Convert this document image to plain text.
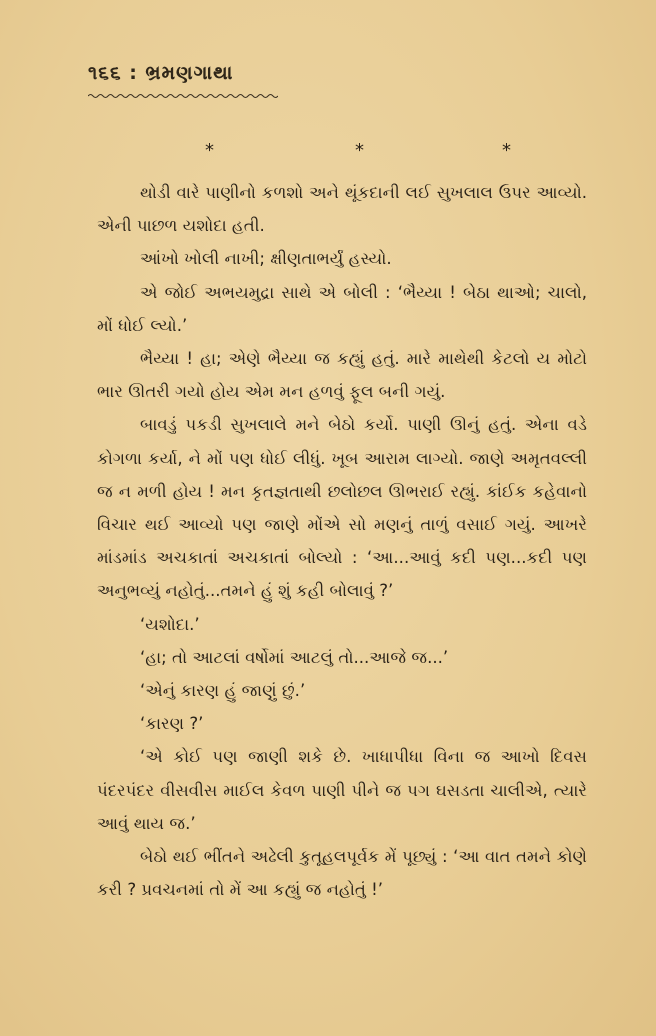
૧૬૬ : ભ્રમણગાથા
*	*	*

થોડી વારે પાણીનો કળશો અને થૂંકદાની લઈ સુખલાલ ઉપર આવ્યો. એની પાછળ યશોદા હતી.

આંખો ખોલી નાખી; ક્ષીણતાભર્યું હસ્યો.

એ જોઈ અભયમુદ્રા સાથે એ બોલી : ‘ભૈય્યા ! બેઠા થાઓ; ચાલો, મોં ધોઈ લ્યો.’

ભૈય્યા ! હા; એણે ભૈય્યા જ કહ્યું હતું. મારે માથેથી કેટલો ય મોટો ભાર ઊતરી ગયો હોય એમ મન હળવું ફૂલ બની ગયું.

બાવડું પકડી સુખલાલે મને બેઠો કર્યો. પાણી ઊનું હતું. એના વડે કોગળા કર્યા, ને મોં પણ ધોઈ લીધું. ખૂબ આરામ લાગ્યો. જાણે અમૃતવલ્લી જ ન મળી હોય ! મન કૃતજ્ઞતાથી છલોછલ ઊભરાઈ રહ્યું. કાંઈક કહેવાનો વિચાર થઈ આવ્યો પણ જાણે મોંએ સો મણનું તાળું વસાઈ ગયું. આખરે માંડમાંડ અચકાતાં અચકાતાં બોલ્યો : ‘આ...આવું કદી પણ...કદી પણ અનુભવ્યું નહોતું...તમને હું શું કહી બોલાવું ?’

‘યશોદા.’

‘હા; તો આટલાં વર્ષોમાં આટલું તો...આજે જ...’

‘એનું કારણ હું જાણું છું.’

‘કારણ ?’

‘એ કોઈ પણ જાણી શકે છે. ખાધાપીધા વિના જ આખો દિવસ પંદરપંદર વીસવીસ માઈલ કેવળ પાણી પીને જ પગ ઘસડતા ચાલીએ, ત્યારે આવું થાય જ.’

બેઠો થઈ ભીંતને અઢેલી કુતૂહલપૂર્વક મેં પૂછ્યું : ‘આ વાત તમને કોણે કરી ? પ્રવચનમાં તો મેં આ કહ્યું જ નહોતું !’
